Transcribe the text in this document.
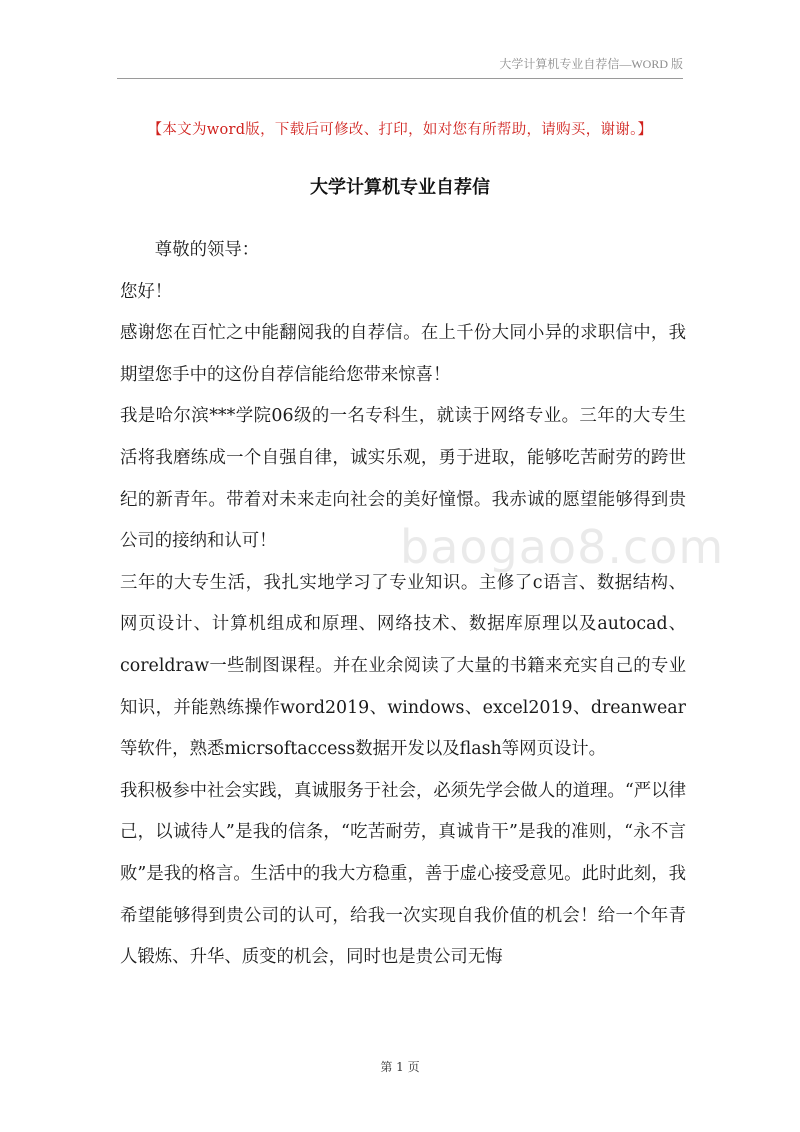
大学计算机专业自荐信—WORD 版
【本文为word版，下载后可修改、打印，如对您有所帮助，请购买，谢谢。】
大学计算机专业自荐信

尊敬的领导：

您好！

感谢您在百忙之中能翻阅我的自荐信。在上千份大同小异的求职信中，我期望您手中的这份自荐信能给您带来惊喜！

我是哈尔滨***学院06级的一名专科生，就读于网络专业。三年的大专生活将我磨练成一个自强自律，诚实乐观，勇于进取，能够吃苦耐劳的跨世纪的新青年。带着对未来走向社会的美好憧憬。我赤诚的愿望能够得到贵公司的接纳和认可！

三年的大专生活，我扎实地学习了专业知识。主修了c语言、数据结构、网页设计、计算机组成和原理、网络技术、数据库原理以及autocad、coreldraw一些制图课程。并在业余阅读了大量的书籍来充实自己的专业知识，并能熟练操作word2019、windows、excel2019、dreanwear等软件，熟悉micrsoftaccess数据开发以及flash等网页设计。

我积极参中社会实践，真诚服务于社会，必须先学会做人的道理。“严以律己，以诚待人”是我的信条，“吃苦耐劳，真诚肯干”是我的准则，“永不言败”是我的格言。生活中的我大方稳重，善于虚心接受意见。此时此刻，我希望能够得到贵公司的认可，给我一次实现自我价值的机会！给一个年青人锻炼、升华、质变的机会，同时也是贵公司无悔

baogao8.com
第 1 页
